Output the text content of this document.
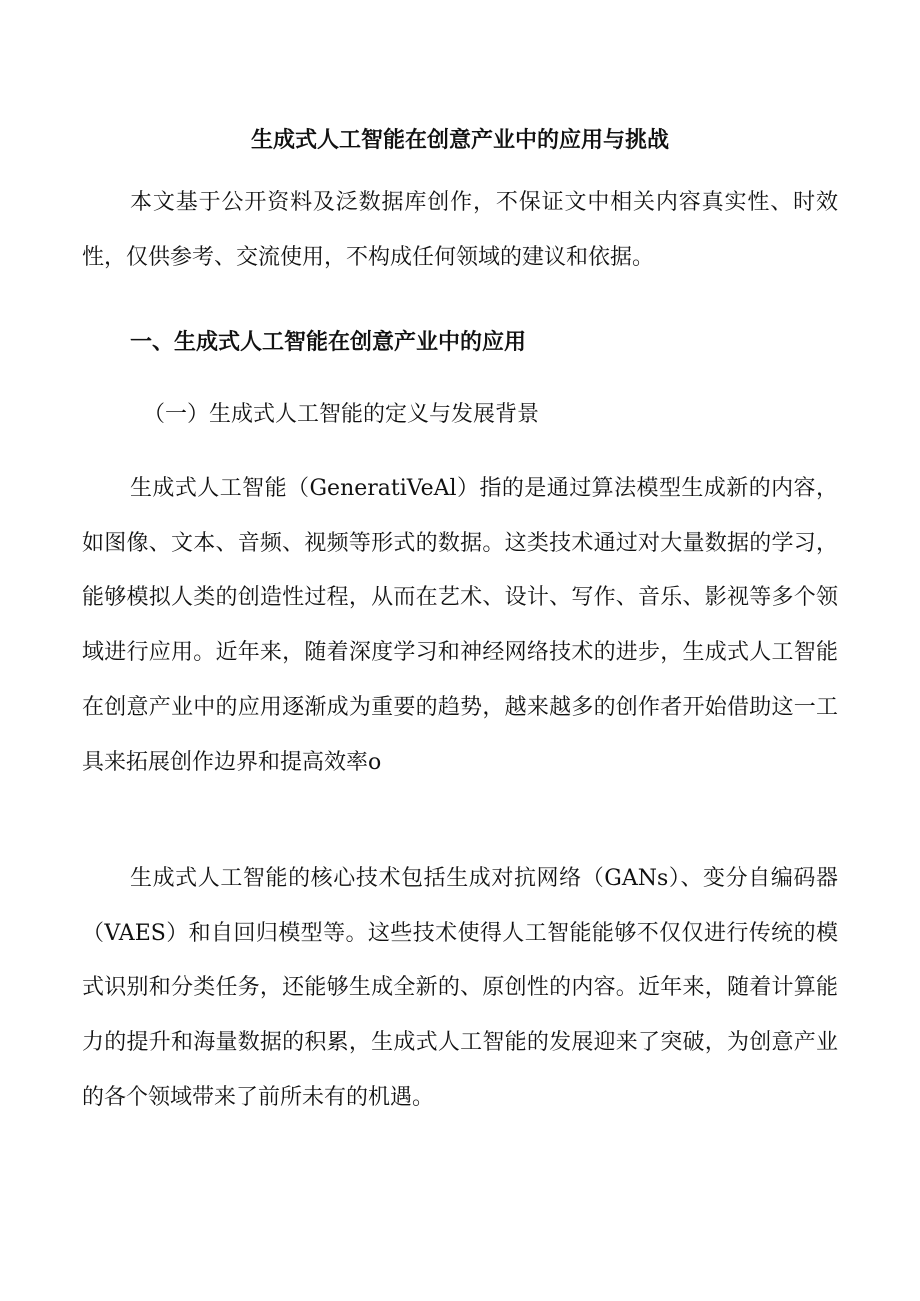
生成式人工智能在创意产业中的应用与挑战

本文基于公开资料及泛数据库创作，不保证文中相关内容真实性、时效性，仅供参考、交流使用，不构成任何领域的建议和依据。

一、生成式人工智能在创意产业中的应用
（一）生成式人工智能的定义与发展背景

生成式人工智能（GeneratiVeAl）指的是通过算法模型生成新的内容，如图像、文本、音频、视频等形式的数据。这类技术通过对大量数据的学习，能够模拟人类的创造性过程，从而在艺术、设计、写作、音乐、影视等多个领域进行应用。近年来，随着深度学习和神经网络技术的进步，生成式人工智能在创意产业中的应用逐渐成为重要的趋势，越来越多的创作者开始借助这一工具来拓展创作边界和提高效率o

生成式人工智能的核心技术包括生成对抗网络（GANs）、变分自编码器（VAES）和自回归模型等。这些技术使得人工智能能够不仅仅进行传统的模式识别和分类任务，还能够生成全新的、原创性的内容。近年来，随着计算能力的提升和海量数据的积累，生成式人工智能的发展迎来了突破，为创意产业的各个领域带来了前所未有的机遇。
